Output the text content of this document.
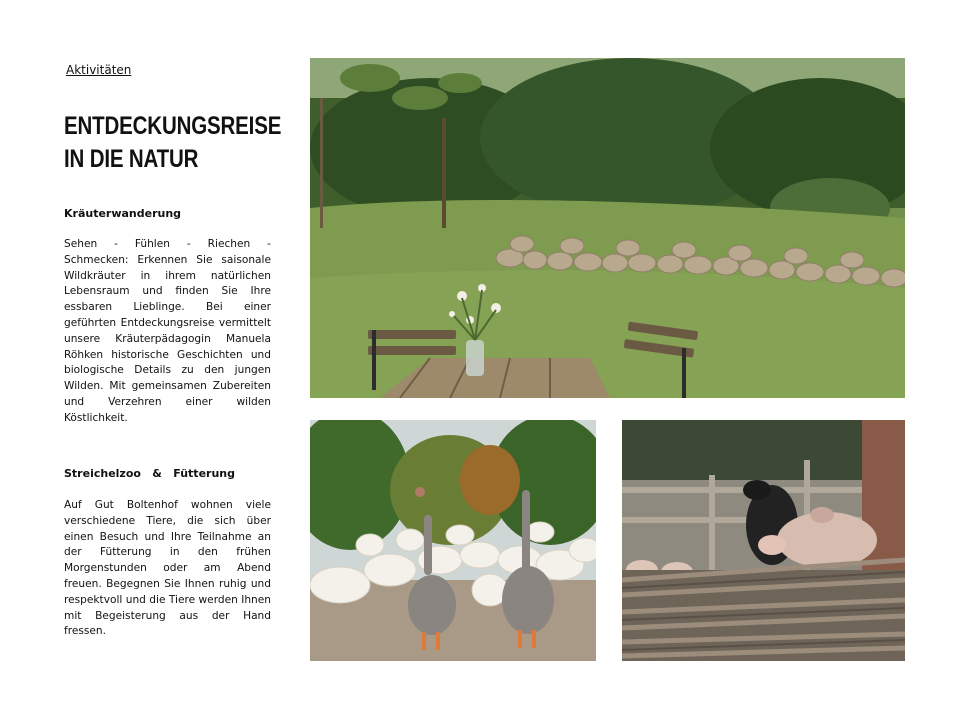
Aktivitäten
ENTDECKUNGSREISE
IN DIE NATUR
Kräuterwanderung
Sehen - Fühlen - Riechen - Schmecken: Erkennen Sie saisonale Wildkräuter in ihrem natürlichen Lebensraum und finden Sie Ihre essbaren Lieblinge. Bei einer geführten Entdeckungsreise vermittelt unsere Kräuterpädagogin Manuela Röhken historische Geschichten und biologische Details zu den jungen Wilden. Mit gemeinsamen Zubereiten und Verzehren einer wilden Köstlichkeit.
Streichelzoo & Fütterung
Auf Gut Boltenhof wohnen viele verschiedene Tiere, die sich über einen Besuch und Ihre Teilnahme an der Fütterung in den frühen Morgenstunden oder am Abend freuen. Begegnen Sie Ihnen ruhig und respektvoll und die Tiere werden Ihnen mit Begeisterung aus der Hand fressen.
